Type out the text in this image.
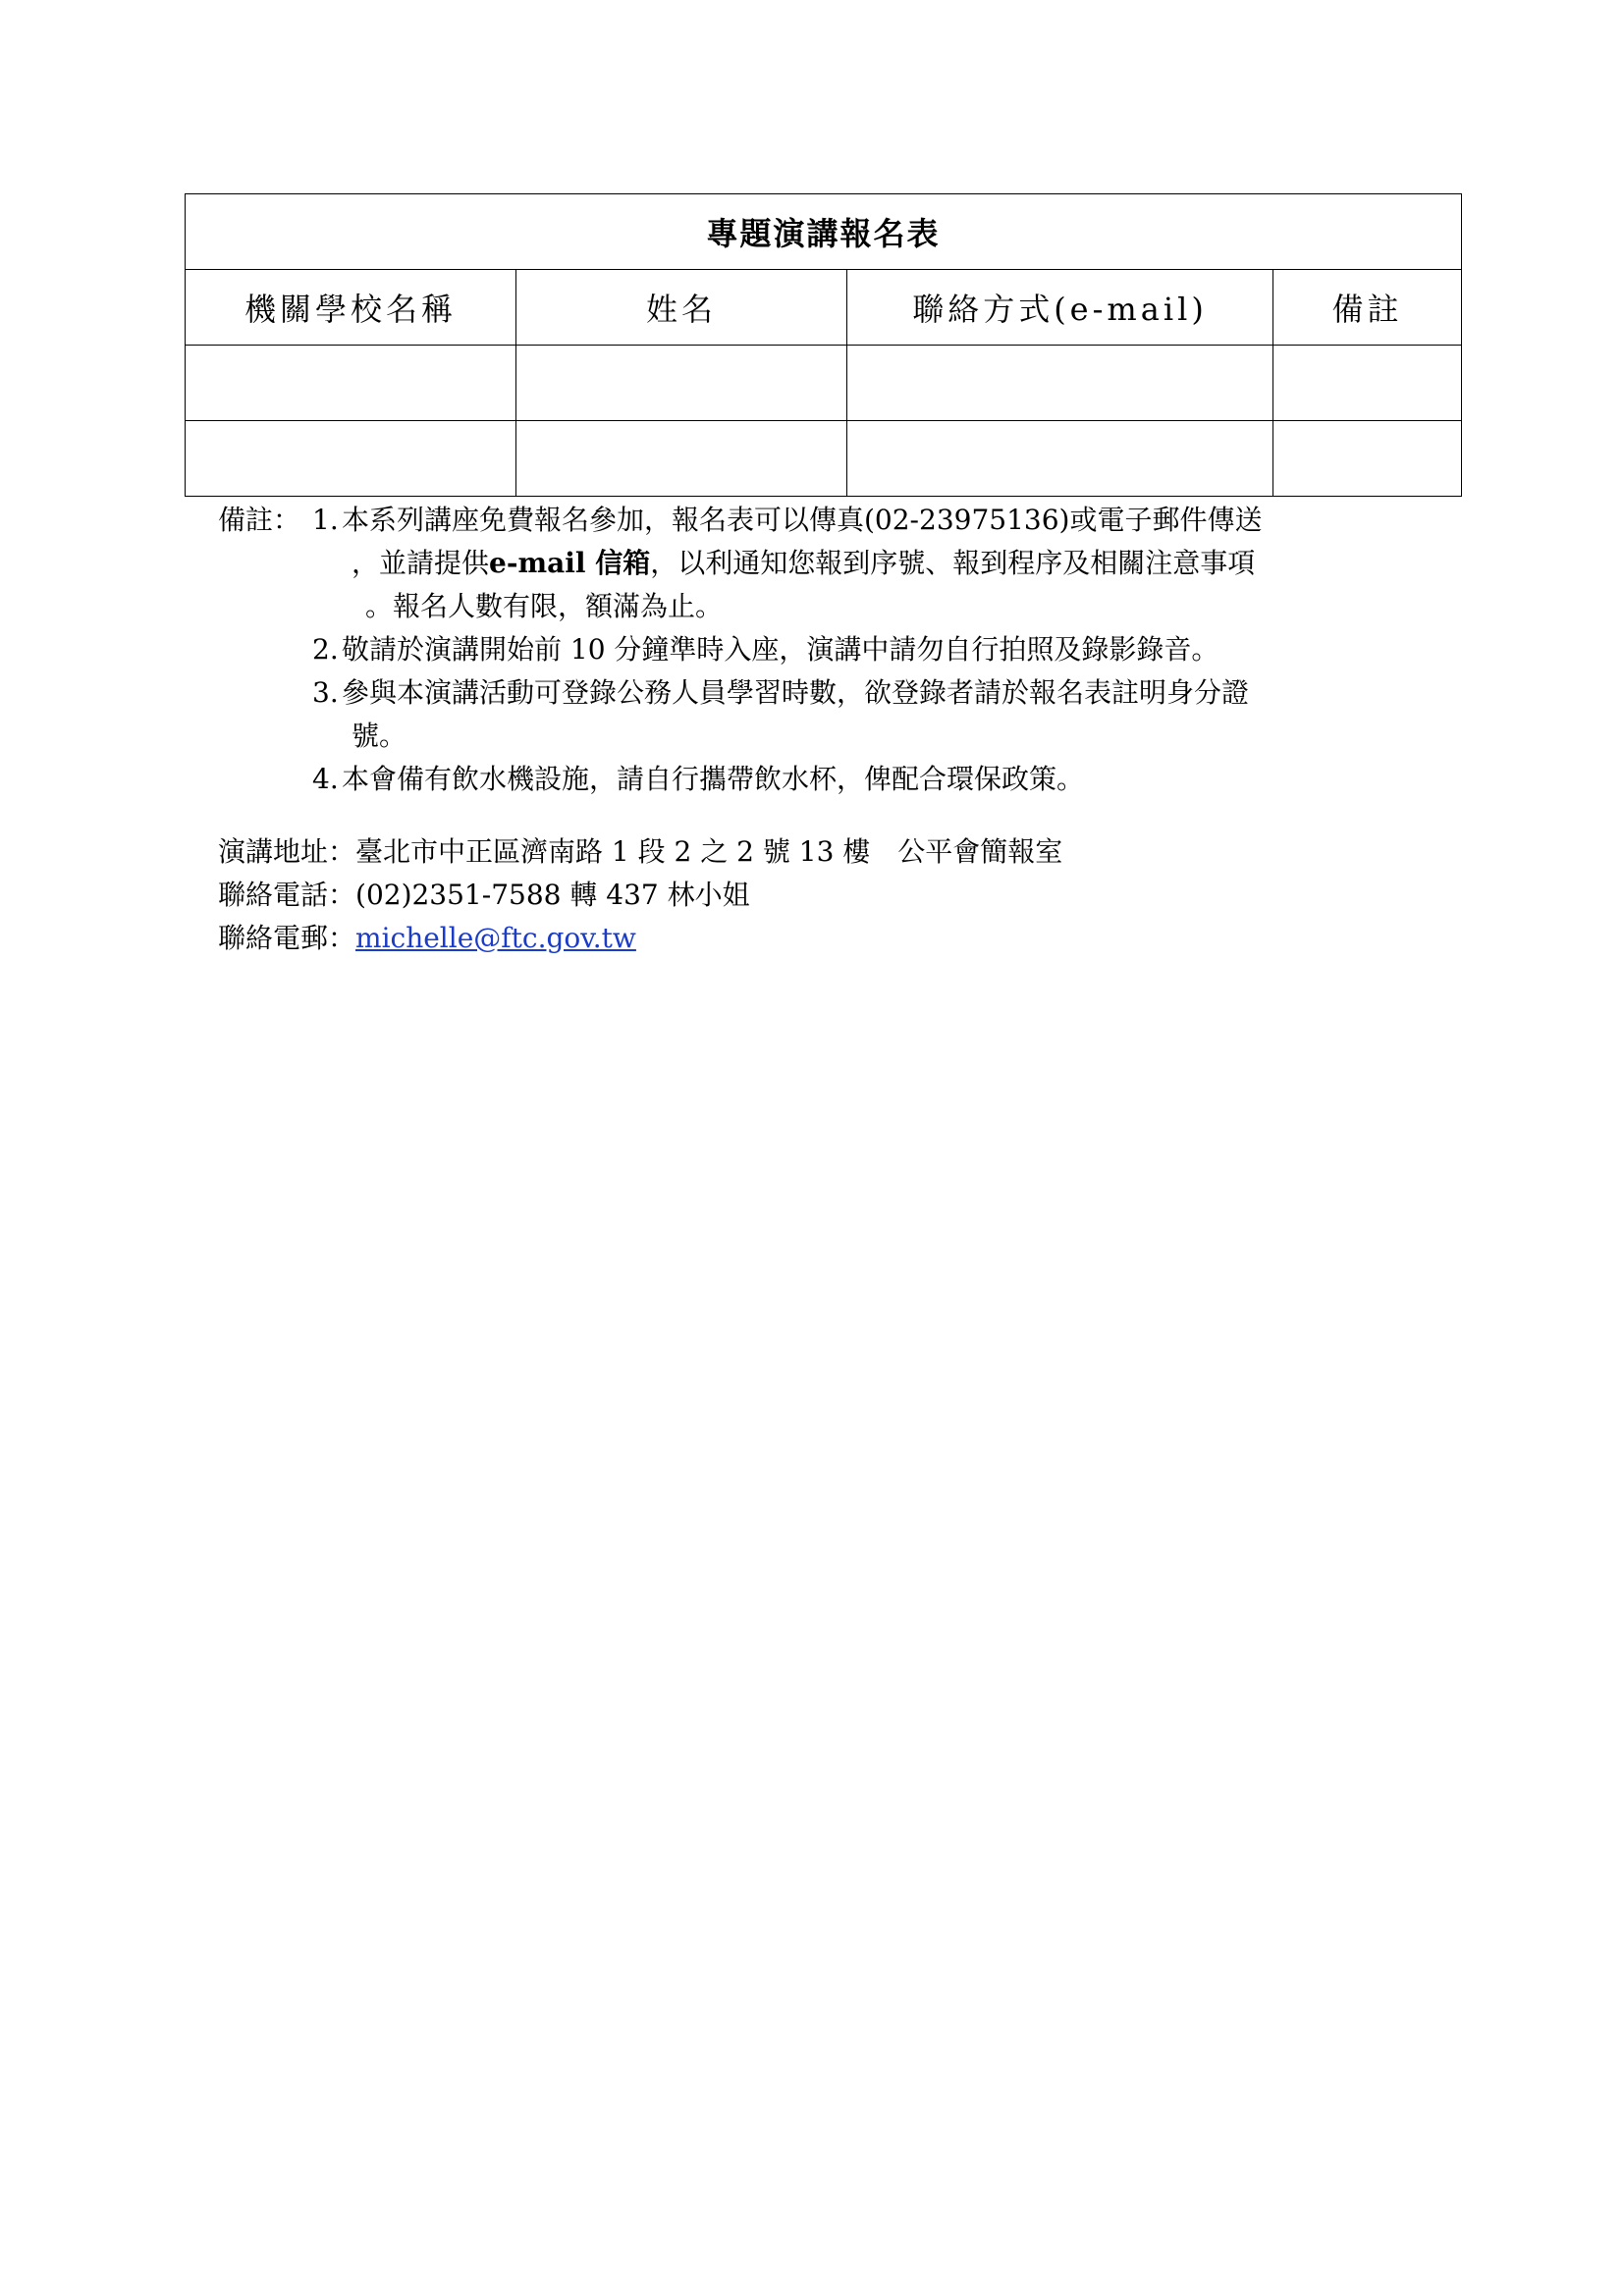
專題演講報名表			
機關學校名稱	姓名	聯絡方式(e-mail)	備註

備註： 1. 本系列講座免費報名參加，報名表可以傳真(02-23975136)或電子郵件傳送
，並請提供e-mail 信箱，以利通知您報到序號、報到程序及相關注意事項
。報名人數有限，額滿為止。
2. 敬請於演講開始前 10 分鐘準時入座，演講中請勿自行拍照及錄影錄音。
3. 參與本演講活動可登錄公務人員學習時數，欲登錄者請於報名表註明身分證
號。
4. 本會備有飲水機設施，請自行攜帶飲水杯，俾配合環保政策。
演講地址：臺北市中正區濟南路 1 段 2 之 2 號 13 樓　公平會簡報室
聯絡電話：(02)2351-7588 轉 437 林小姐
聯絡電郵：michelle@ftc.gov.tw
